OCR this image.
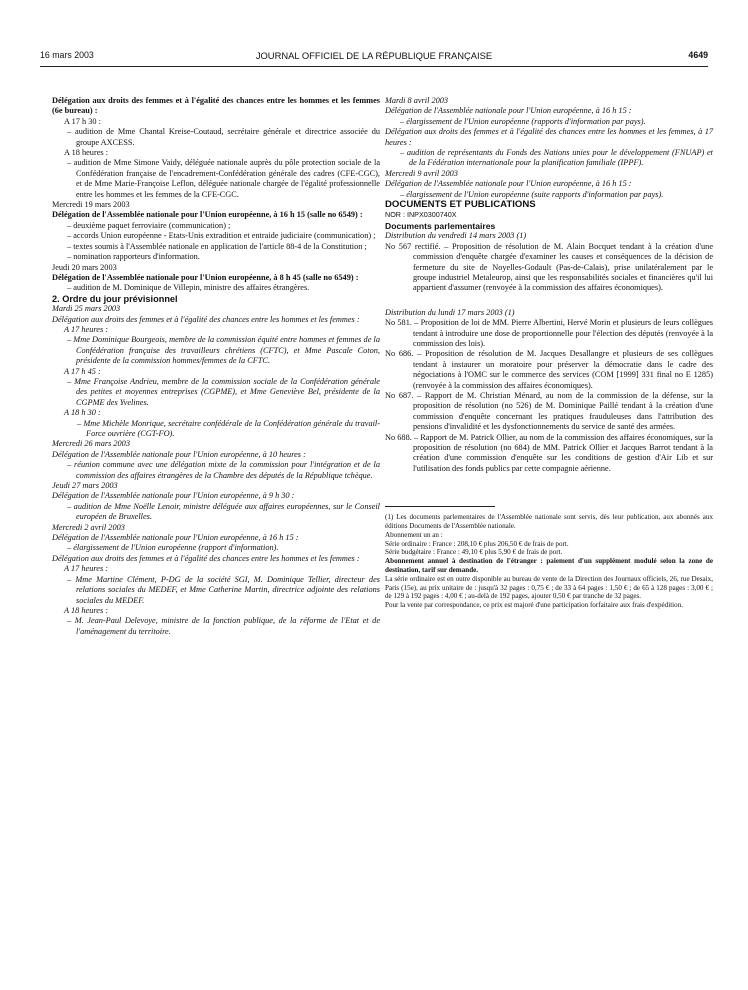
16 mars 2003	JOURNAL OFFICIEL DE LA RÉPUBLIQUE FRANÇAISE	4649

Délégation aux droits des femmes et à l'égalité des chances entre les hommes et les femmes (6e bureau) :

A 17 h 30 :

– audition de Mme Chantal Kreise-Coutaud, secrétaire générale et directrice associée du groupe AXCESS.

A 18 heures :

– audition de Mme Simone Vaidy, déléguée nationale auprès du pôle protection sociale de la Confédération française de l'encadrement-Confédération générale des cadres (CFE-CGC), et de Mme Marie-Françoise Leflon, déléguée nationale chargée de l'égalité professionnelle entre les hommes et les femmes de la CFE-CGC.

Mercredi 19 mars 2003

Délégation de l'Assemblée nationale pour l'Union européenne, à 16 h 15 (salle no 6549) :

– deuxième paquet ferroviaire (communication) ;

– accords Union européenne - Etats-Unis extradition et entraide judiciaire (communication) ;

– textes soumis à l'Assemblée nationale en application de l'article 88-4 de la Constitution ;

– nomination rapporteurs d'information.

Jeudi 20 mars 2003

Délégation de l'Assemblée nationale pour l'Union européenne, à 8 h 45 (salle no 6549) :

– audition de M. Dominique de Villepin, ministre des affaires étrangères.

2. Ordre du jour prévisionnel

Mardi 25 mars 2003

Délégation aux droits des femmes et à l'égalité des chances entre les hommes et les femmes :

A 17 heures :

– Mme Dominique Bourgeois, membre de la commission équité entre hommes et femmes de la Confédération française des travailleurs chrétiens (CFTC), et Mme Pascale Coton, présidente de la commission hommes/femmes de la CFTC.

A 17 h 45 :

– Mme Françoise Andrieu, membre de la commission sociale de la Confédération générale des petites et moyennes entreprises (CGPME), et Mme Geneviève Bel, présidente de la CGPME des Yvelines.

A 18 h 30 :

– Mme Michèle Monrique, secrétaire confédérale de la Confédération générale du travail-Force ouvrière (CGT-FO).

Mercredi 26 mars 2003

Délégation de l'Assemblée nationale pour l'Union européenne, à 10 heures :

– réunion commune avec une délégation mixte de la commission pour l'intégration et de la commission des affaires étrangères de la Chambre des députés de la République tchèque.

Jeudi 27 mars 2003

Délégation de l'Assemblée nationale pour l'Union européenne, à 9 h 30 :

– audition de Mme Noëlle Lenoir, ministre déléguée aux affaires européennes, sur le Conseil européen de Bruxelles.

Mercredi 2 avril 2003

Délégation de l'Assemblée nationale pour l'Union européenne, à 16 h 15 :

– élargissement de l'Union européenne (rapport d'information).

Délégation aux droits des femmes et à l'égalité des chances entre les hommes et les femmes :

A 17 heures :

– Mme Martine Clément, P-DG de la société SGI, M. Dominique Tellier, directeur des relations sociales du MEDEF, et Mme Catherine Martin, directrice adjointe des relations sociales du MEDEF.

A 18 heures :

– M. Jean-Paul Delevoye, ministre de la fonction publique, de la réforme de l'Etat et de l'aménagement du territoire.

Mardi 8 avril 2003

Délégation de l'Assemblée nationale pour l'Union européenne, à 16 h 15 :

– élargissement de l'Union européenne (rapports d'information par pays).

Délégation aux droits des femmes et à l'égalité des chances entre les hommes et les femmes, à 17 heures :

– audition de représentants du Fonds des Nations unies pour le développement (FNUAP) et de la Fédération internationale pour la planification familiale (IPPF).

Mercredi 9 avril 2003

Délégation de l'Assemblée nationale pour l'Union européenne, à 16 h 15 :

– élargissement de l'Union européenne (suite rapports d'information par pays).

DOCUMENTS ET PUBLICATIONS

NOR : INPX0300740X

Documents parlementaires

Distribution du vendredi 14 mars 2003 (1)

No 567 rectifié. – Proposition de résolution de M. Alain Bocquet tendant à la création d'une commission d'enquête chargée d'examiner les causes et conséquences de la décision de fermeture du site de Noyelles-Godault (Pas-de-Calais), prise unilatéralement par le groupe industriel Metaleurop, ainsi que les responsabilités sociales et financières qu'il lui appartient d'assumer (renvoyée à la commission des affaires économiques).

Distribution du lundi 17 mars 2003 (1)

No 581. – Proposition de loi de MM. Pierre Albertini, Hervé Morin et plusieurs de leurs collègues tendant à introduire une dose de proportionnelle pour l'élection des députés (renvoyée à la commission des lois).

No 686. – Proposition de résolution de M. Jacques Desallangre et plusieurs de ses collègues tendant à instaurer un moratoire pour préserver la démocratie dans le cadre des négociations à l'OMC sur le commerce des services (COM [1999] 331 final no E 1285) (renvoyée à la commission des affaires économiques).

No 687. – Rapport de M. Christian Ménard, au nom de la commission de la défense, sur la proposition de résolution (no 526) de M. Dominique Paillé tendant à la création d'une commission d'enquête concernant les pratiques frauduleuses dans l'attribution des pensions d'invalidité et les dysfonctionnements du service de santé des armées.

No 688. – Rapport de M. Patrick Ollier, au nom de la commission des affaires économiques, sur la proposition de résolution (no 684) de MM. Patrick Ollier et Jacques Barrot tendant à la création d'une commission d'enquête sur les conditions de gestion d'Air Lib et sur l'utilisation des fonds publics par cette compagnie aérienne.

(1) Les documents parlementaires de l'Assemblée nationale sont servis, dès leur publication, aux abonnés aux éditions Documents de l'Assemblée nationale.

Abonnement un an :

Série ordinaire : France : 208,10 € plus 206,50 € de frais de port.

Série budgétaire : France : 49,10 € plus 5,90 € de frais de port.

Abonnement annuel à destination de l'étranger : paiement d'un supplément modulé selon la zone de destination, tarif sur demande.

La série ordinaire est en outre disponible au bureau de vente de la Direction des Journaux officiels, 26, rue Desaix, Paris (15e), au prix unitaire de : jusqu'à 32 pages : 0,75 € ; de 33 à 64 pages : 1,50 € ; de 65 à 128 pages : 3,00 € ; de 129 à 192 pages : 4,00 € ; au-delà de 192 pages, ajouter 0,50 € par tranche de 32 pages.

Pour la vente par correspondance, ce prix est majoré d'une participation forfaitaire aux frais d'expédition.
